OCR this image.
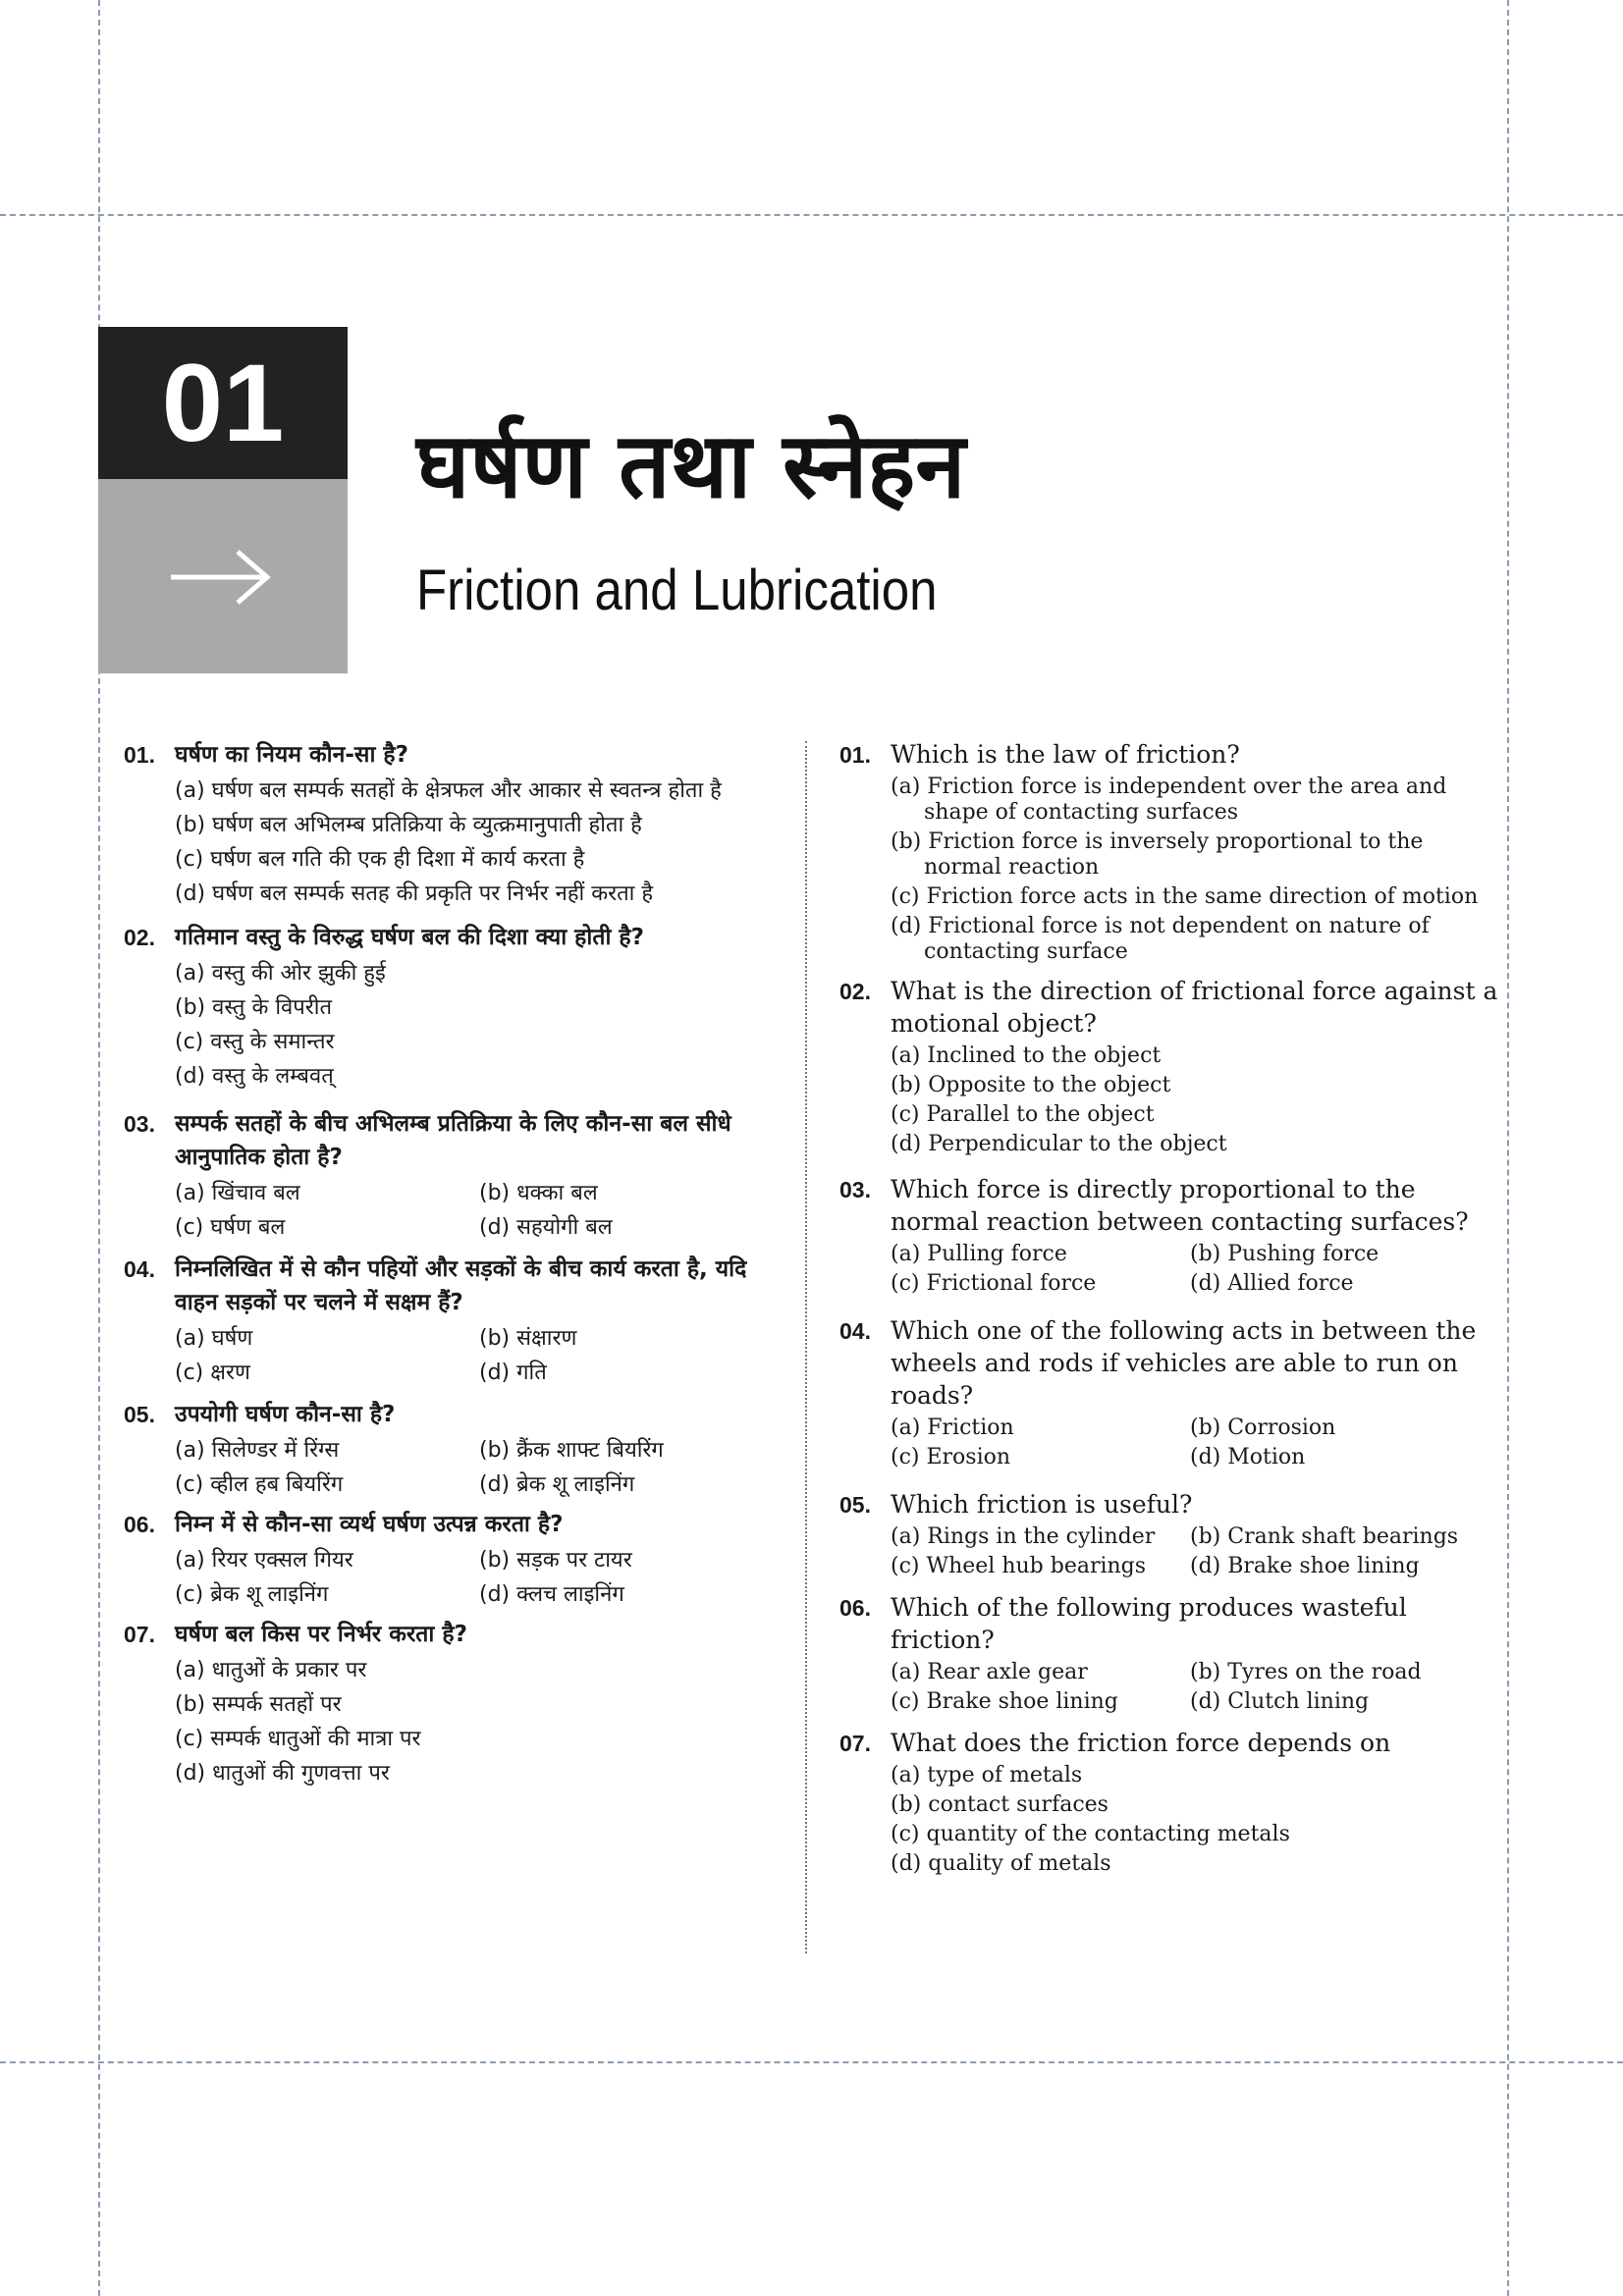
01
घर्षण तथा स्नेहन
Friction and Lubrication
01. घर्षण का नियम कौन-सा है?
(a) घर्षण बल सम्पर्क सतहों के क्षेत्रफल और आकार से स्वतन्त्र होता है
(b) घर्षण बल अभिलम्ब प्रतिक्रिया के व्युत्क्रमानुपाती होता है
(c) घर्षण बल गति की एक ही दिशा में कार्य करता है
(d) घर्षण बल सम्पर्क सतह की प्रकृति पर निर्भर नहीं करता है
02. गतिमान वस्तु के विरुद्ध घर्षण बल की दिशा क्या होती है?
(a) वस्तु की ओर झुकी हुई
(b) वस्तु के विपरीत
(c) वस्तु के समान्तर
(d) वस्तु के लम्बवत्
03. सम्पर्क सतहों के बीच अभिलम्ब प्रतिक्रिया के लिए कौन-सा बल सीधे आनुपातिक होता है?
(a) खिंचाव बल	(b) धक्का बल
(c) घर्षण बल	(d) सहयोगी बल
04. निम्नलिखित में से कौन पहियों और सड़कों के बीच कार्य करता है, यदि वाहन सड़कों पर चलने में सक्षम हैं?
(a) घर्षण	(b) संक्षारण
(c) क्षरण	(d) गति
05. उपयोगी घर्षण कौन-सा है?
(a) सिलेण्डर में रिंग्स	(b) क्रैंक शाफ्ट बियरिंग
(c) व्हील हब बियरिंग	(d) ब्रेक शू लाइनिंग
06. निम्न में से कौन-सा व्यर्थ घर्षण उत्पन्न करता है?
(a) रियर एक्सल गियर	(b) सड़क पर टायर
(c) ब्रेक शू लाइनिंग	(d) क्लच लाइनिंग
07. घर्षण बल किस पर निर्भर करता है?
(a) धातुओं के प्रकार पर
(b) सम्पर्क सतहों पर
(c) सम्पर्क धातुओं की मात्रा पर
(d) धातुओं की गुणवत्ता पर
01. Which is the law of friction?
(a) Friction force is independent over the area and shape of contacting surfaces
(b) Friction force is inversely proportional to the normal reaction
(c) Friction force acts in the same direction of motion
(d) Frictional force is not dependent on nature of contacting surface
02. What is the direction of frictional force against a motional object?
(a) Inclined to the object
(b) Opposite to the object
(c) Parallel to the object
(d) Perpendicular to the object
03. Which force is directly proportional to the normal reaction between contacting surfaces?
(a) Pulling force	(b) Pushing force
(c) Frictional force	(d) Allied force
04. Which one of the following acts in between the wheels and rods if vehicles are able to run on roads?
(a) Friction	(b) Corrosion
(c) Erosion	(d) Motion
05. Which friction is useful?
(a) Rings in the cylinder	(b) Crank shaft bearings
(c) Wheel hub bearings	(d) Brake shoe lining
06. Which of the following produces wasteful friction?
(a) Rear axle gear	(b) Tyres on the road
(c) Brake shoe lining	(d) Clutch lining
07. What does the friction force depends on
(a) type of metals
(b) contact surfaces
(c) quantity of the contacting metals
(d) quality of metals
